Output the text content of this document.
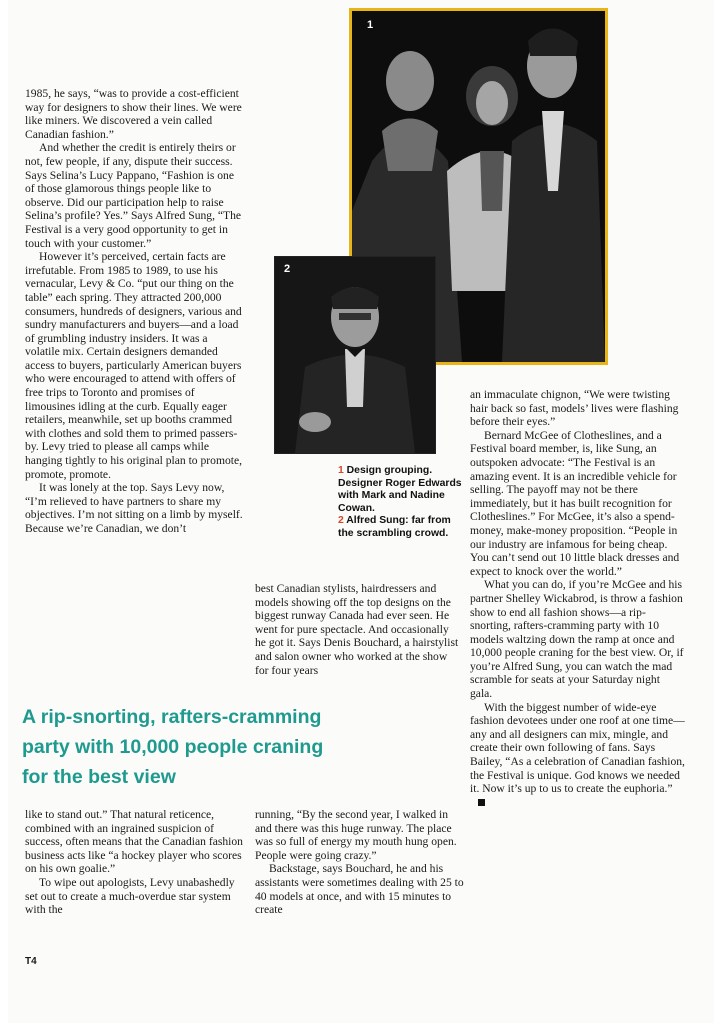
1
2
1 Design grouping. Designer Roger Edwards with Mark and Nadine Cowan.
2 Alfred Sung: far from the scrambling crowd.

1985, he says, “was to provide a cost-efficient way for designers to show their lines. We were like miners. We discovered a vein called Canadian fashion.”

And whether the credit is entirely theirs or not, few people, if any, dispute their success. Says Selina’s Lucy Pappano, “Fashion is one of those glamorous things people like to observe. Did our participation help to raise Selina’s profile? Yes.” Says Alfred Sung, “The Festival is a very good opportunity to get in touch with your customer.”

However it’s perceived, certain facts are irrefutable. From 1985 to 1989, to use his vernacular, Levy & Co. “put our thing on the table” each spring. They attracted 200,000 consumers, hundreds of designers, various and sundry manufacturers and buyers—and a load of grumbling industry insiders. It was a volatile mix. Certain designers demanded access to buyers, particularly American buyers who were encouraged to attend with offers of free trips to Toronto and promises of limousines idling at the curb. Equally eager retailers, meanwhile, set up booths crammed with clothes and sold them to primed passers-by. Levy tried to please all camps while hanging tightly to his original plan to promote, promote, promote.

It was lonely at the top. Says Levy now, “I’m relieved to have partners to share my objectives. I’m not sitting on a limb by myself. Because we’re Canadian, we don’t

best Canadian stylists, hairdressers and models showing off the top designs on the biggest runway Canada had ever seen. He went for pure spectacle. And occasionally he got it. Says Denis Bouchard, a hairstylist and salon owner who worked at the show for four years

an immaculate chignon, “We were twisting hair back so fast, models’ lives were flashing before their eyes.”

Bernard McGee of Clotheslines, and a Festival board member, is, like Sung, an outspoken advocate: “The Festival is an amazing event. It is an incredible vehicle for selling. The payoff may not be there immediately, but it has built recognition for Clotheslines.” For McGee, it’s also a spend-money, make-money proposition. “People in our industry are infamous for being cheap. You can’t send out 10 little black dresses and expect to knock over the world.”

What you can do, if you’re McGee and his partner Shelley Wickabrod, is throw a fashion show to end all fashion shows—a rip-snorting, rafters-cramming party with 10 models waltzing down the ramp at once and 10,000 people craning for the best view. Or, if you’re Alfred Sung, you can watch the mad scramble for seats at your Saturday night gala.

With the biggest number of wide-eye fashion devotees under one roof at one time—any and all designers can mix, mingle, and create their own following of fans. Says Bailey, “As a celebration of Canadian fashion, the Festival is unique. God knows we needed it. Now it’s up to us to create the euphoria.”

A rip-snorting, rafters-cramming
party with 10,000 people craning
for the best view

like to stand out.” That natural reticence, combined with an ingrained suspicion of success, often means that the Canadian fashion business acts like “a hockey player who scores on his own goalie.”

To wipe out apologists, Levy unabashedly set out to create a much-overdue star system with the

running, “By the second year, I walked in and there was this huge runway. The place was so full of energy my mouth hung open. People were going crazy.”

Backstage, says Bouchard, he and his assistants were sometimes dealing with 25 to 40 models at once, and with 15 minutes to create

T4
